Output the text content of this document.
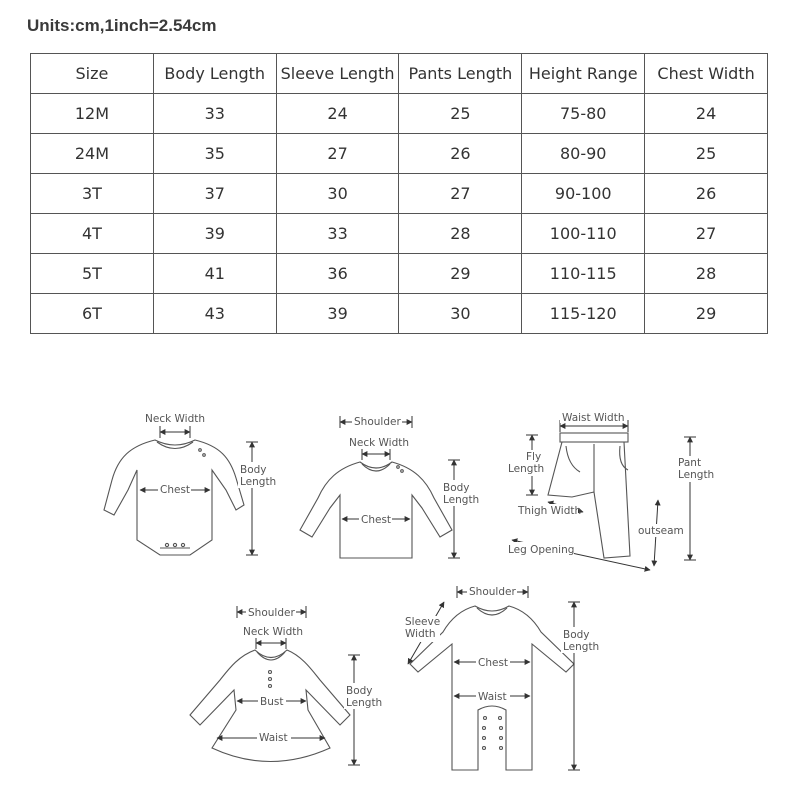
Units:cm,1inch=2.54cm
Size	Body Length	Sleeve Length	Pants Length	Height Range	Chest Width
12M	33	24	25	75-80	24
24M	35	27	26	80-90	25
3T	37	30	27	90-100	26
4T	39	33	28	100-110	27
5T	41	36	29	110-115	28
6T	43	39	30	115-120	29
Neck Width
Chest
Body
Length
Shoulder
Neck Width
Chest
Body
Length
Waist Width
Fly
Length	Pant
Length
Thigh Width
outseam
Leg Opening
Shoulder
Neck Width
Bust
Waist
Body
Length
Shoulder
Sleeve
Width
Chest
Waist
Body
Length
